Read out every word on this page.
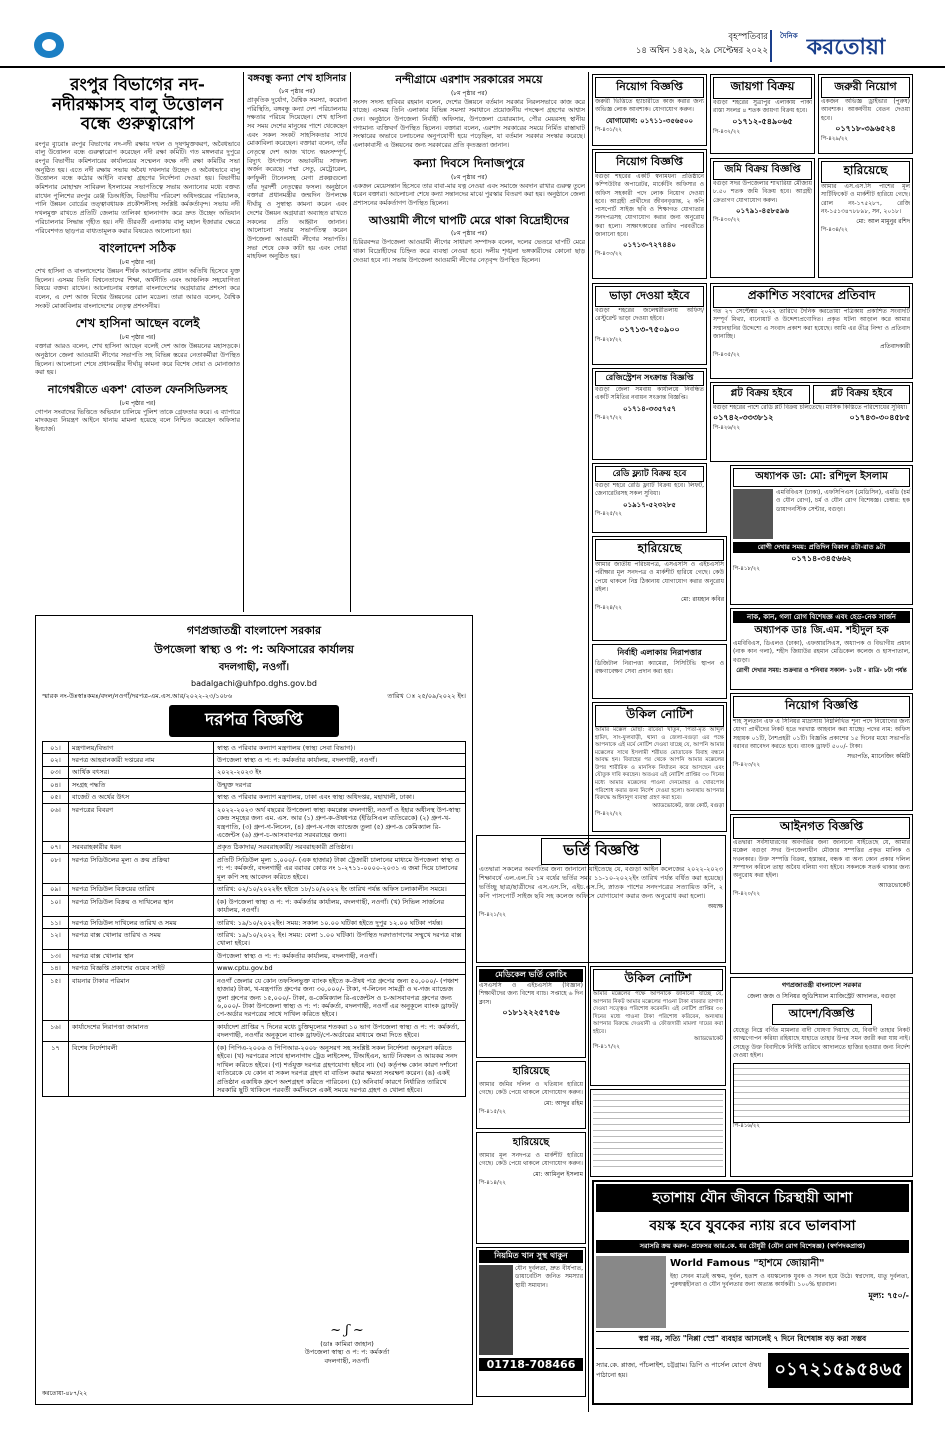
বৃহস্পতিবার
১৪ অশ্বিন ১৪২৯, ২৯ সেপ্টেম্বর ২০২২
দৈনিক করতোয়া
রংপুর বিভাগের নদ-নদীরক্ষাসহ বালু উত্তোলন বন্ধে গুরুত্বারোপ
রংপুর ব্যুরোঃ রংপুর বিভাগের নদ-নদী রক্ষায় দখল ও দূষণমুক্তকরণ, অবৈধভাবে বালু উত্তোলন বন্ধে গুরুত্বারোপ করেছেন নদী রক্ষা কমিটি। গত মঙ্গলবার দুপুরে রংপুর বিভাগীয় কমিশনারের কার্যালয়ের সম্মেলন কক্ষে নদী রক্ষা কমিটির সভা অনুষ্ঠিত হয়। এতে নদী রক্ষায় সভায় অবৈধ দখলদার উচ্ছেদ ও অবৈধভাবে বালু উত্তোলন বন্ধে কঠোর আইনি ব্যবস্থা গ্রহণের নির্দেশনা দেওয়া হয়। বিভাগীয় কমিশনার মোহাম্মদ সাবিরুল ইসলামের সভাপতিত্বে সভায় অন্যান্যের মধ্যে বক্তব্য রাখেন পুলিশের রংপুর রেঞ্জ ডিআইজি, বিভাগীয় পরিবেশ অধিদপ্তরের পরিচালক, পানি উন্নয়ন বোর্ডের তত্ত্বাবধায়ক প্রকৌশলীসহ সংশ্লিষ্ট কর্মকর্তাবৃন্দ। সভায় নদী দখলমুক্ত রাখতে প্রতিটি জেলায় তালিকা হালনাগাদ করে দ্রুত উচ্ছেদ অভিযান পরিচালনার সিদ্ধান্ত গৃহীত হয়। নদী তীরবর্তী এলাকায় বালু মহাল ইজারার ক্ষেত্রে পরিবেশগত ছাড়পত্র বাধ্যতামূলক করার বিষয়েও আলোচনা হয়।
বাংলাদেশ সঠিক
(৮ম পৃষ্ঠার পর)
শেখ হাসিনা ও বাংলাদেশের উন্নয়ন শীর্ষক আলোচনায় প্রধান অতিথি হিসেবে যুক্ত ছিলেন। এসময় তিনি বিশ্বনেতাদের শিক্ষা, অর্থনীতি এবং আঞ্চলিক সহযোগিতা বিষয়ে বক্তব্য রাখেন। আলোচনায় বক্তারা বাংলাদেশের অগ্রযাত্রার প্রশংসা করে বলেন, এ দেশ আজ বিশ্বের উন্নয়নের রোল মডেল। তারা আরও বলেন, বৈশ্বিক সংকট মোকাবিলায় বাংলাদেশের নেতৃত্ব প্রশংসনীয়।
শেখ হাসিনা আছেন বলেই
(৮ম পৃষ্ঠার পর)
বক্তারা আরও বলেন, শেখ হাসিনা আছেন বলেই দেশ আজ উন্নয়নের মহাসড়কে। অনুষ্ঠানে জেলা আওয়ামী লীগের সভাপতি সহ বিভিন্ন স্তরের নেতাকর্মীরা উপস্থিত ছিলেন। আলোচনা শেষে প্রধানমন্ত্রীর দীর্ঘায়ু কামনা করে বিশেষ দোয়া ও মোনাজাত করা হয়।
নাগেশ্বরীতে একশ' বোতল ফেনসিডিলসহ
(৮ম পৃষ্ঠার পর)
গোপন সংবাদের ভিত্তিতে অভিযান চালিয়ে পুলিশ তাকে গ্রেফতার করে। এ ব্যাপারে মাদকদ্রব্য নিয়ন্ত্রণ আইনে থানায় মামলা হয়েছে বলে নিশ্চিত করেছেন অফিসার ইনচার্জ।
বঙ্গবন্ধু কন্যা শেখ হাসিনার
(৮ম পৃষ্ঠার পর)
প্রাকৃতিক দুর্যোগ, বৈশ্বিক সমস্যা, করোনা পরিস্থিতি, বঙ্গবন্ধু কন্যা দেশ পরিচালনায় দক্ষতার পরিচয় দিয়েছেন। শেখ হাসিনা সব সময় দেশের মানুষের পাশে থেকেছেন এবং সকল সংকট সাহসিকতার সাথে মোকাবিলা করেছেন। বক্তারা বলেন, তাঁর নেতৃত্বে দেশ আজ খাদ্যে স্বয়ংসম্পূর্ণ, বিদ্যুৎ উৎপাদনে অভাবনীয় সাফল্য অর্জন করেছে। পদ্মা সেতু, মেট্রোরেল, কর্ণফুলী টানেলসহ মেগা প্রকল্পগুলো তাঁর দূরদর্শী নেতৃত্বের ফসল। অনুষ্ঠানে বক্তারা প্রধানমন্ত্রীর জন্মদিন উপলক্ষে দীর্ঘায়ু ও সুস্বাস্থ্য কামনা করেন এবং দেশের উন্নয়ন অগ্রযাত্রা অব্যাহত রাখতে সকলের প্রতি আহ্বান জানান। আলোচনা সভায় সভাপতিত্ব করেন উপজেলা আওয়ামী লীগের সভাপতি। সভা শেষে কেক কাটা হয় এবং দোয়া মাহফিল অনুষ্ঠিত হয়।
নন্দীগ্রামে এরশাদ সরকারের সময়ে
(৮ম পৃষ্ঠার পর)
সংসদ সদস্য হাবিবর রহমান বলেন, দেশের উন্নয়নে বর্তমান সরকার নিরলসভাবে কাজ করে যাচ্ছে। এসময় তিনি এলাকার বিভিন্ন সমস্যা সমাধানে প্রয়োজনীয় পদক্ষেপ গ্রহণের আশ্বাস দেন। অনুষ্ঠানে উপজেলা নির্বাহী অফিসার, উপজেলা চেয়ারম্যান, পৌর মেয়রসহ স্থানীয় গণ্যমান্য ব্যক্তিবর্গ উপস্থিত ছিলেন। বক্তারা বলেন, এরশাদ সরকারের সময়ে নির্মিত রাস্তাঘাট সংস্কারের অভাবে চলাচলের অনুপযোগী হয়ে পড়েছিল, যা বর্তমান সরকার সংস্কার করেছে। এলাকাবাসী এ উন্নয়নের জন্য সরকারের প্রতি কৃতজ্ঞতা জানান।
কন্যা দিবসে দিনাজপুরে
(৮ম পৃষ্ঠার পর)
একজন মেয়েসন্তান হিসেবে তার বাবা-মার যত্ন নেওয়া এবং সমাজে অবদান রাখার গুরুত্ব তুলে ধরেন বক্তারা। আলোচনা শেষে কন্যা সন্তানদের মাঝে পুরস্কার বিতরণ করা হয়। অনুষ্ঠানে জেলা প্রশাসনের কর্মকর্তাগণ উপস্থিত ছিলেন।
আওয়ামী লীগে ঘাপটি মেরে থাকা বিদ্রোহীদের
(৮ম পৃষ্ঠার পর)
চিরিরবন্দর উপজেলা আওয়ামী লীগের সাধারণ সম্পাদক বলেন, দলের ভেতরে ঘাপটি মেরে থাকা বিদ্রোহীদের চিহ্নিত করে ব্যবস্থা নেওয়া হবে। দলীয় শৃঙ্খলা ভঙ্গকারীদের কোনো ছাড় দেওয়া হবে না। সভায় উপজেলা আওয়ামী লীগের নেতৃবৃন্দ উপস্থিত ছিলেন।
গণপ্রজাতন্ত্রী বাংলাদেশ সরকার
উপজেলা স্বাস্থ্য ও প: প: অফিসারের কার্যালয়
বদলগাছী, নওগাঁ।
badalgachi@uhfpo.dghs.gov.bd
স্মারক নং-উঃস্বাঃকমঃ/বদল/নওগাঁ/দরপত্র-এম.এস.আর/২০২২-২৩/১০৮৬	তারিখ ঃ ২৫/০৯/২০২২ ইং।
দরপত্র বিজ্ঞপ্তি
০১।	মন্ত্রণালয়/বিভাগ	স্বাস্থ্য ও পরিবার কল্যাণ মন্ত্রণালয় (স্বাস্থ্য সেবা বিভাগ)।
০২।	দরপত্র আহবানকারী দপ্তরের নাম	উপজেলা স্বাস্থ্য ও প: প: কর্মকর্তার কার্যালয়, বদলগাছী, নওগাঁ।
০৩।	আর্থিক বৎসর।	২০২২-২০২৩ ইং
০৪।	সংগ্রহ পদ্ধতি	উন্মুক্ত দরপত্র
০৫।	বাজেট ও অর্থের উৎস	স্বাস্থ্য ও পরিবার কল্যাণ মন্ত্রণালয়, ঢাকা এবং স্বাস্থ্য অধিদপ্তর, মহাখালী, ঢাকা।
০৬।	দরপত্রের বিবরণ	২০২২-২০২৩ অর্থ বছরের উপজেলা স্বাস্থ্য কমপ্লেক্স বদলগাছী, নওগাঁ ও ইহার অধীনস্থ উপ-স্বাস্থ্য কেন্দ্র সমূহের জন্য এম. এস. আর (১) গ্রুপ-ক-ঔষধপত্র (ইডিসিএল ব্যতিরেকে) (২) গ্রুপ-খ-যন্ত্রপাতি, (৩) গ্রুপ-গ-লিনেন, (৪) গ্রুপ-ঘ-গজ ব্যান্ডেজ তুলা (৫) গ্রুপ-ঙ কেমিক্যাল রি-এজেন্টস (৬) গ্রুপ-চ-আসবাবপত্র সরবরাহের জন্য।
০৭।	সরবরাহকারীর ধরন	প্রকৃত ঠিকাদার/ সরবরাহকারী/ সরবরাহকারী প্রতিষ্ঠান।
০৮।	দরপত্র সিডিউলের মূল্য ও ক্রয় প্রক্রিয়া	প্রতিটি সিডিউল মূল্য ১,০০০/- (এক হাজার) টাকা ট্রেজারী চালানের মাধ্যমে উপজেলা স্বাস্থ্য ও প: প: কর্মকর্তা, বদলগাছী এর বরাবর কোড নং ১-২৭১১-০০০০-২০৩১ এ জমা দিয়ে চালানের মূল কপি সহ আবেদন করিতে হইবে।
০৯।	দরপত্র সিডিউল বিক্রয়ের তারিখ	তারিখ: ০২/১০/২০২২ইং হইতে ১৮/১০/২০২২ ইং তারিখ পর্যন্ত অফিস চলাকালীন সময়ে।
১০।	দরপত্র সিডিউল বিক্রয় ও দাখিলের স্থান	(ক) উপজেলা স্বাস্থ্য ও প: প: কর্মকর্তার কার্যালয়, বদলগাছী, নওগাঁ। (খ) সিভিল সার্জনের কার্যালয়, নওগাঁ।
১১।	দরপত্র সিডিউল দাখিলের তারিখ ও সময়	তারিখ: ১৯/১০/২০২২ইং। সময়: সকাল ১০.০০ ঘটিকা হইতে দুপুর ১২.০০ ঘটিকা পর্যন্ত।
১২।	দরপত্র বাক্স খোলার তারিখ ও সময়	তারিখ: ১৯/১০/২০২২ ইং। সময়: বেলা ১.০০ ঘটিকা। উপস্থিত দরদাতাগণের সম্মুখে দরপত্র বাক্স খোলা হইবে।
১৩।	দরপত্র বাক্স খোলার স্থান	উপজেলা স্বাস্থ্য ও প: প: কর্মকর্তার কার্যালয়, বদলগাছী, নওগাঁ।
১৪।	দরপত্র বিজ্ঞপ্তি প্রকাশের ওয়েব সাইট	www.cptu.gov.bd
১৫।	বায়নার টাকার পরিমান	নওগাঁ জেলার যে কোন তফসিলভুক্ত ব্যাংক হইতে ক-ঔষধ পত্র গ্রুপের জন্য ৫০,০০০/- (পঞ্চাশ হাজার) টাকা, খ-যন্ত্রপাতি গ্রুপের জন্য ৩০,০০০/- টাকা, গ-লিনেন সামগ্রী ও ঘ-গজ ব্যান্ডেজ তুলা গ্রুপের জন্য ১৫,০০০/- টাকা, ঙ-কেমিক্যাল রি-এজেন্টস ও চ-আসবাবপত্র গ্রুপের জন্য ৬,০০০/- টাকা উপজেলা স্বাস্থ্য ও প: প: কর্মকর্তা, বদলগাছী, নওগাঁ এর অনুকূলে ব্যাংক ড্রাফট/পে-অর্ডার দরপত্রের সাথে দাখিল করিতে হইবে।
১৬।	কার্যাদেশের নিরাপত্তা জামানত	কার্যাদেশ প্রাপ্তির ৭ দিনের মধ্যে চুক্তিমূল্যের শতকরা ১০ ভাগ উপজেলা স্বাস্থ্য ও প: প: কর্মকর্তা, বদলগাছী, নওগাঁর অনুকূলে ব্যাংক ড্রাফট/পে-অর্ডারের মাধ্যমে জমা দিতে হইবে।
১৭	বিশেষ নির্দেশাবলী	(ক) পিপিএ-২০০৬ ও পিপিআর-২০০৮ অনুসরণ সহ সংশ্লিষ্ট সকল নির্দেশনা অনুসরণ করিতে হইবে। (খ) দরপত্রের সাথে হালনাগাদ ট্রেড লাইসেন্স, টিআইএন, ভ্যাট নিবন্ধন ও আয়কর সনদ দাখিল করিতে হইবে। (গ) শর্তযুক্ত দরপত্র গ্রহণযোগ্য হইবে না। (ঘ) কর্তৃপক্ষ কোন কারণ দর্শানো ব্যতিরেকে যে কোন বা সকল দরপত্র গ্রহণ বা বাতিল করার ক্ষমতা সংরক্ষণ করেন। (ঙ) একই প্রতিষ্ঠান একাধিক গ্রুপে অংশগ্রহণ করিতে পারিবেন। (চ) অনিবার্য কারণে নির্ধারিত তারিখে সরকারি ছুটি থাকিলে পরবর্তী কর্মদিবসে একই সময়ে দরপত্র গ্রহণ ও খোলা হইবে।
~ ʃ ~
(ডাঃ কামিরা জাহান)
উপজেলা স্বাস্থ্য ও প: প: কর্মকর্তা
বদলগাছী, নওগাঁ।
করতোয়া-৪৮৭/২২
মেডিকেল ভর্তি কোচিং
এসএসসি ও এইচএসসি (বিজ্ঞান) শিক্ষার্থীদের জন্য বিশেষ ব্যাচ। সপ্তাহে ৬ দিন ক্লাস।
০১৮১২২২৫৭৫৬
হারিয়েছে
আমার জমির দলিল ও খতিয়ান হারিয়ে গেছে। কেউ পেয়ে থাকলে যোগাযোগ করুন।
মো: আব্দুর রহিম
পি-৪১৫/২২
হারিয়েছে
আমার মূল সনদপত্র ও মার্কশীট হারিয়ে গেছে। কেউ পেয়ে থাকলে যোগাযোগ করুন।
মো: আমিনুল ইসলাম
পি-৪১৪/২২
নিয়মিত খান সুস্থ থাকুন
যৌন দুর্বলতা, দ্রুত বীর্যপাত, ডায়াবেটিস জনিত সমস্যার স্থায়ী সমাধান।
01718-708466
নিয়োগ বিজ্ঞপ্তি
জরুরী ভিত্তিতে হ্যাচারীতে কাজ করার জন্য অভিজ্ঞ লোক আবশ্যক। যোগাযোগ করুন।
যোগাযোগ: ০১৭১১-৩৫৬৫০০
পি-৪৩১/২২
জায়গা বিক্রয়
বগুড়া শহরের সুত্রাপুর এলাকায় পাকা রাস্তা সংলগ্ন ৪ শতক জায়গা বিক্রয় হবে।
০১৭১২-৫৪৯০৬৫
পি-৪৩২/২২
জরুরী নিয়োগ
একজন অভিজ্ঞ ড্রাইভার (পুরুষ) আবশ্যক। আকর্ষণীয় বেতন দেওয়া হবে।
০১৭১৮-৩৯৬৫২৪
পি-৪২৯/২২
নিয়োগ বিজ্ঞপ্তি
বগুড়া শহরের একটি স্বনামধন্য প্রতিষ্ঠানে কম্পিউটার অপারেটর, মার্কেটিং অফিসার ও অফিস সহকারী পদে লোক নিয়োগ দেওয়া হবে। আগ্রহী প্রার্থীদের জীবনবৃত্তান্ত, ২ কপি পাসপোর্ট সাইজ ছবি ও শিক্ষাগত যোগ্যতার সনদপত্রসহ যোগাযোগ করার জন্য অনুরোধ করা হলো। সাক্ষাৎকারের তারিখ পরবর্তীতে জানানো হবে।
০১৭১৩-৭২৭৪৪০
পি-৪৩৩/২২
জমি বিক্রয় বিজ্ঞপ্তি
বগুড়া সদর উপজেলার শাখারিয়া মৌজায় ৮.৫০ শতক জমি বিক্রয় হবে। আগ্রহী ক্রেতাগণ যোগাযোগ করুন।
০১৭৯১-৪৫৮৫৯৬
পি-৪৩০/২২
হারিয়েছে
আমার এস.এস.সি পাশের মূল সার্টিফিকেট ও মার্কশীট হারিয়ে গেছে। রোল নং-১৭৫২৮৭, রেজি নং-১৫১৩৪৭৮৮৯৮, সন, ২০১৮।
মো: আল মামুনুর রশিদ
পি-৪৩৪/২২
ভাড়া দেওয়া হইবে
বগুড়া শহরের জলেশ্বরীতলায় অফিস/রেস্টুরেন্ট ভাড়া দেওয়া হইবে।
০১৭১৩-৭৫০৯০০
পি-৪২৮/২২
প্রকাশিত সংবাদের প্রতিবাদ
গত ২৭ সেপ্টেম্বর ২০২২ তারিখে দৈনিক করতোয়া পত্রিকায় প্রকাশিত সংবাদটি সম্পূর্ণ মিথ্যা, বানোয়াট ও উদ্দেশ্যপ্রণোদিত। প্রকৃত ঘটনা আড়াল করে আমার সম্মানহানির উদ্দেশ্যে এ সংবাদ প্রকাশ করা হয়েছে। আমি এর তীব্র নিন্দা ও প্রতিবাদ জানাচ্ছি।
প্রতিবাদকারী
পি-৪৩৫/২২
রেজিস্ট্রেশন সংক্রান্ত বিজ্ঞপ্তি
বগুড়া জেলা সমবায় কার্যালয়ে নিবন্ধিত একটি সমিতির নবায়ন সংক্রান্ত বিজ্ঞপ্তি।
০১৭১৪-৩৩৫৭৫৭
পি-৪২৭/২২
প্লট বিক্রয় হইবে	প্লট বিক্রয় হইবে
বগুড়া শহরের পাশে রেডি প্লট বিক্রয় চলিতেছে। মাসিক কিস্তিতে পরিশোধের সুবিধা।
০১৭৪২-৩৩৩৮১২	০১৭৪৩-৩০৪৫৮৫
পি-৪২৬/২২
রেডি ফ্ল্যাট বিক্রয় হবে
বগুড়া শহরে রেডি ফ্ল্যাট বিক্রয় হবে। লিফট, জেনারেটরসহ সকল সুবিধা।
০১৯১৭-৫২৩২৮৫
পি-৪২৫/২২
অধ্যাপক ডা: মো: রশিদুল ইসলাম
এমবিবিএস (ঢাকা), এফসিপিএস (মেডিসিন), এমডি (চর্ম ও যৌন রোগ), চর্ম ও যৌন রোগ বিশেষজ্ঞ। চেম্বার: হক ডায়াগনস্টিক সেন্টার, বগুড়া।
রোগী দেখার সময়: প্রতিদিন বিকাল ৪টা-রাত ৯টা
০১৭১৪-৩৪৫৬৬২
পি-৪১৮/২২
হারিয়েছে
আমার জাতীয় পরিচয়পত্র, এসএসসি ও এইচএসসি পরীক্ষার মূল সনদপত্র ও মার্কশীট হারিয়ে গেছে। কেউ পেয়ে থাকলে নিম্ন ঠিকানায় যোগাযোগ করার অনুরোধ রইল।
মো: রায়হান কবির
পি-৪২৪/২২
নাক, কান, গলা রোগ বিশেষজ্ঞ এবং হেড-নেক সার্জন
অধ্যাপক ডাঃ জি.এম. শহীদুল হক
এমবিবিএস, ডিএলও (ঢাকা), এফআরসিএস, অধ্যাপক ও বিভাগীয় প্রধান (নাক কান গলা), শহীদ জিয়াউর রহমান মেডিকেল কলেজ ও হাসপাতাল, বগুড়া।
রোগী দেখার সময়: শুক্রবার ও শনিবার সকাল- ১০টা - রাত্রি- ৮টা পর্যন্ত
নির্বাহী এলাকায় নিরাপত্তার
ডিজিটাল নিরাপত্তা ক্যামেরা, সিসিটিভি স্থাপন ও রক্ষণাবেক্ষণ সেবা প্রদান করা হয়।
নিয়োগ বিজ্ঞপ্তি
শাহ সুলতান এফ এ সিনিয়র মাদ্রাসায় নিম্নলিখিত শূন্য পদে নিয়োগের জন্য যোগ্য প্রার্থীদের নিকট হতে দরখাস্ত আহবান করা যাচ্ছে। পদের নাম: অফিস সহায়ক ০১টি, নৈশপ্রহরী ০১টি। বিজ্ঞপ্তি প্রকাশের ১৫ দিনের মধ্যে সভাপতি বরাবর আবেদন করতে হবে। ব্যাংক ড্রাফট ৫০০/- টাকা।
সভাপতি, ম্যানেজিং কমিটি
পি-৪২৩/২২
উকিল নোটিশ
আমার মক্কেল মোছা: রাবেয়া খাতুন, পিতা-মৃত আব্দুল হামিদ, সাং-ফুলবাড়ী, থানা ও জেলা-বগুড়া এর পক্ষে আপনাকে এই মর্মে নোটিশ দেওয়া যাচ্ছে যে, আপনি আমার মক্কেলের সাথে ইসলামী শরীয়ত মোতাবেক বিবাহ বন্ধনে আবদ্ধ হন। বিবাহের পর থেকে আপনি আমার মক্কেলের উপর শারীরিক ও মানসিক নির্যাতন করে আসছেন এবং যৌতুক দাবি করছেন। অতএব এই নোটিশ প্রাপ্তির ৩০ দিনের মধ্যে আমার মক্কেলের পাওনা দেনমোহর ও খোরপোষ পরিশোধ করার জন্য নির্দেশ দেওয়া হলো। অন্যথায় আপনার বিরুদ্ধে আইনানুগ ব্যবস্থা গ্রহণ করা হবে।
অ্যাডভোকেট, জজ কোর্ট, বগুড়া
পি-৪২২/২২
ভর্তি বিজ্ঞপ্তি
এতদ্বারা সকলের অবগতির জন্য জানানো যাইতেছে যে, বগুড়া আইন কলেজের ২০২২-২০২৩ শিক্ষাবর্ষে এল.এল.বি ১ম বর্ষের ভর্তির সময় ১১-১০-২০২২ইং তারিখ পর্যন্ত বর্ধিত করা হয়েছে। ভর্তিচ্ছু ছাত্র/ছাত্রীদের এস.এস.সি, এইচ.এস.সি, স্নাতক পাশের সনদপত্রের সত্যায়িত কপি, ২ কপি পাসপোর্ট সাইজ ছবি সহ কলেজ অফিসে যোগাযোগ করার জন্য অনুরোধ করা হলো।
অধ্যক্ষ
পি-৪২১/২২
আইনগত বিজ্ঞপ্তি
এতদ্বারা সর্বসাধারণের অবগতির জন্য জানানো যাইতেছে যে, আমার মক্কেল বগুড়া সদর উপজেলাধীন মৌজার সম্পত্তির প্রকৃত মালিক ও দখলকার। উক্ত সম্পত্তি বিক্রয়, হস্তান্তর, বন্ধক বা অন্য কোন প্রকার দলিল সম্পাদন করিলে তাহা অবৈধ বলিয়া গণ্য হইবে। সকলকে সতর্ক থাকার জন্য অনুরোধ করা হইল।
অ্যাডভোকেট
পি-৪২০/২২
উকিল নোটিশ
আমার মক্কেলের পক্ষে আপনাকে জানানো যাচ্ছে যে, আপনার নিকট আমার মক্কেলের পাওনা টাকা বারবার তাগাদা দেওয়া সত্ত্বেও পরিশোধ করেননি। এই নোটিশ প্রাপ্তির ৩০ দিনের মধ্যে পাওনা টাকা পরিশোধ করিবেন, অন্যথায় আপনার বিরুদ্ধে দেওয়ানী ও ফৌজদারী মামলা দায়ের করা হইবে।
অ্যাডভোকেট
পি-৪১৭/২২
গণপ্রজাতন্ত্রী বাংলাদেশ সরকার
জেলা জজ ও সিনিয়র জুডিশিয়াল ম্যাজিস্ট্রেট আদালত, বগুড়া
আদেশ/বিজ্ঞপ্তি
যেহেতু নিম্নে বর্ণিত মামলার বাদী ঘোষণা দিয়াছে যে, বিবাদী তাহার নিকট আত্মগোপন করিয়া রহিয়াছে যাহাতে তাহার উপর সমন জারী করা যায় নাই। সেহেতু উক্ত বিবাদীকে নির্দিষ্ট তারিখে আদালতে হাজির হওয়ার জন্য নির্দেশ দেওয়া হইল।
পি-৪১৬/২২
হতাশায় যৌন জীবনে চিরস্থায়ী আশা
বয়স্ক হবে যুবকের ন্যায় রবে ভালবাসা
সরাসরি ক্রয় করুন- প্রফেসর আর.কে. ধর চৌধুরী (যৌন রোগ বিশেষজ্ঞ) (স্বর্ণপদকপ্রাপ্ত)
World Famous "হাশমে জোয়ানী"
ইহা সেবন মাত্রই অক্ষম, দুর্বল, হতাশ ও বয়স্কলোক যুবক ও সবল হয়ে উঠে। স্বপ্নদোষ, ধাতু দুর্বলতা, পুরুষত্বহীনতা ও যৌন দুর্বলতার জন্য অত্যন্ত কার্যকরী। ১০০% হারবাল।
মূল্য: ৭৫০/-
স্বপ্ন নয়, সত্যি "নিপ্পা স্প্রে" ব্যবহার আসলেই ৭ দিনে বিশেষাঙ্গ বড় করা সম্ভব
স্যার.কে. প্লাজা, পাঁচলাইশ, চট্টগ্রাম। ডিপি ও পার্সেল যোগে ঔষধ পাঠানো হয়।	০১৭২১৫৯৫৪৬৫
